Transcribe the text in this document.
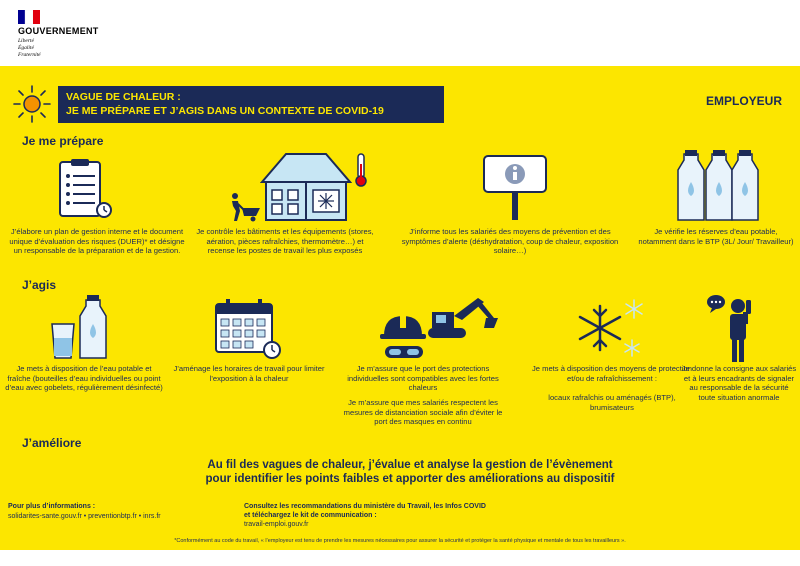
GOUVERNEMENT
Liberté
Égalité
Fraternité
VAGUE DE CHALEUR :
JE ME PRÉPARE ET J’AGIS DANS UN CONTEXTE DE COVID-19
EMPLOYEUR
Je me prépare
J’élabore un plan de gestion interne et le document unique d’évaluation des risques (DUER)* et désigne un responsable de la préparation et de la gestion.
Je contrôle les bâtiments et les équipements (stores, aération, pièces rafraîchies, thermomètre…) et recense les postes de travail les plus exposés
J’informe tous les salariés des moyens de prévention et des symptômes d’alerte (déshydratation, coup de chaleur, exposition solaire…)
Je vérifie les réserves d’eau potable, notamment dans le BTP (3L/ Jour/ Travailleur)
J’agis
Je mets à disposition de l’eau potable et fraîche (bouteilles d’eau individuelles ou point d’eau avec gobelets, régulièrement désinfecté)
J’aménage les horaires de travail pour limiter l’exposition à la chaleur
Je m’assure que le port des protections individuelles sont compatibles avec les fortes chaleurs
Je m’assure que mes salariés respectent les mesures de distanciation sociale afin d’éviter le port des masques en continu
Je mets à disposition des moyens de protection et/ou de rafraîchissement :
locaux rafraîchis ou aménagés (BTP), brumisateurs
Je donne la consigne aux salariés et à leurs encadrants de signaler au responsable de la sécurité toute situation anormale
J’améliore
Au fil des vagues de chaleur, j’évalue et analyse la gestion de l’évènement
pour identifier les points faibles et apporter des améliorations au dispositif
Pour plus d’informations :
solidarites-sante.gouv.fr • preventionbtp.fr • inrs.fr
Consultez les recommandations du ministère du Travail, les Infos COVID
et téléchargez le kit de communication :
travail-emploi.gouv.fr
*Conformément au code du travail, « l’employeur est tenu de prendre les mesures nécessaires pour assurer la sécurité et protéger la santé physique et mentale de tous les travailleurs ».
